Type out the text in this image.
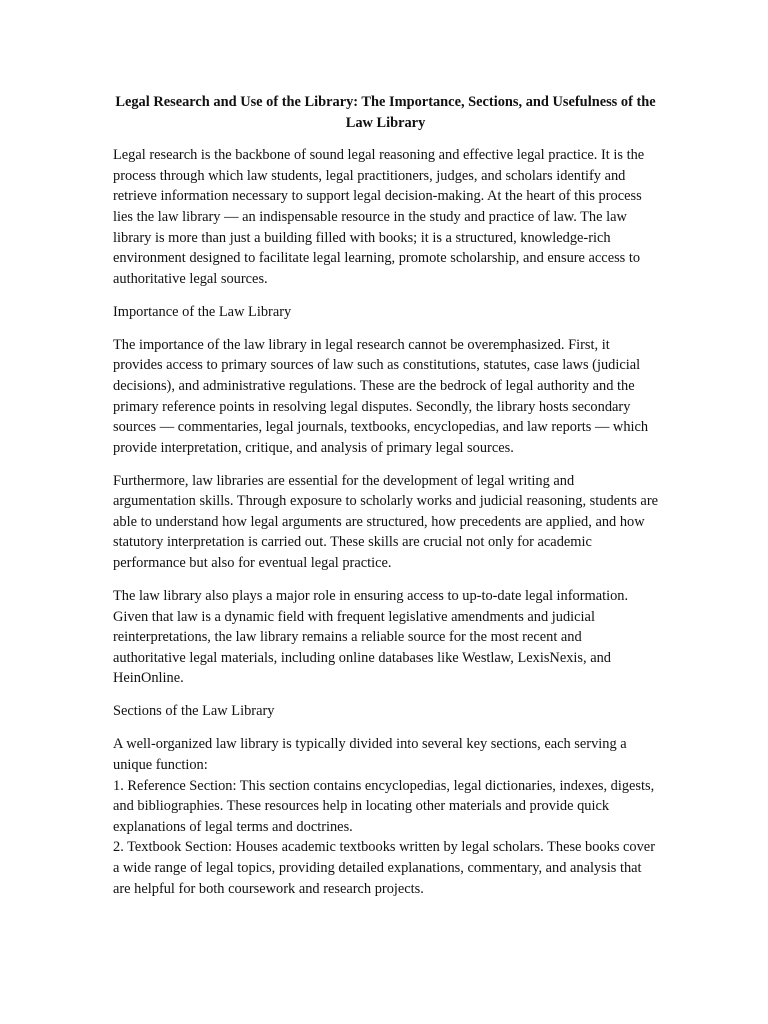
Legal Research and Use of the Library: The Importance, Sections, and Usefulness of the Law Library

Legal research is the backbone of sound legal reasoning and effective legal practice. It is the process through which law students, legal practitioners, judges, and scholars identify and retrieve information necessary to support legal decision-making. At the heart of this process lies the law library — an indispensable resource in the study and practice of law. The law library is more than just a building filled with books; it is a structured, knowledge-rich environment designed to facilitate legal learning, promote scholarship, and ensure access to authoritative legal sources.

Importance of the Law Library

The importance of the law library in legal research cannot be overemphasized. First, it provides access to primary sources of law such as constitutions, statutes, case laws (judicial decisions), and administrative regulations. These are the bedrock of legal authority and the primary reference points in resolving legal disputes. Secondly, the library hosts secondary sources — commentaries, legal journals, textbooks, encyclopedias, and law reports — which provide interpretation, critique, and analysis of primary legal sources.

Furthermore, law libraries are essential for the development of legal writing and argumentation skills. Through exposure to scholarly works and judicial reasoning, students are able to understand how legal arguments are structured, how precedents are applied, and how statutory interpretation is carried out. These skills are crucial not only for academic performance but also for eventual legal practice.

The law library also plays a major role in ensuring access to up-to-date legal information. Given that law is a dynamic field with frequent legislative amendments and judicial reinterpretations, the law library remains a reliable source for the most recent and authoritative legal materials, including online databases like Westlaw, LexisNexis, and HeinOnline.

Sections of the Law Library

A well-organized law library is typically divided into several key sections, each serving a unique function:

1. Reference Section: This section contains encyclopedias, legal dictionaries, indexes, digests, and bibliographies. These resources help in locating other materials and provide quick explanations of legal terms and doctrines.

2. Textbook Section: Houses academic textbooks written by legal scholars. These books cover a wide range of legal topics, providing detailed explanations, commentary, and analysis that are helpful for both coursework and research projects.
